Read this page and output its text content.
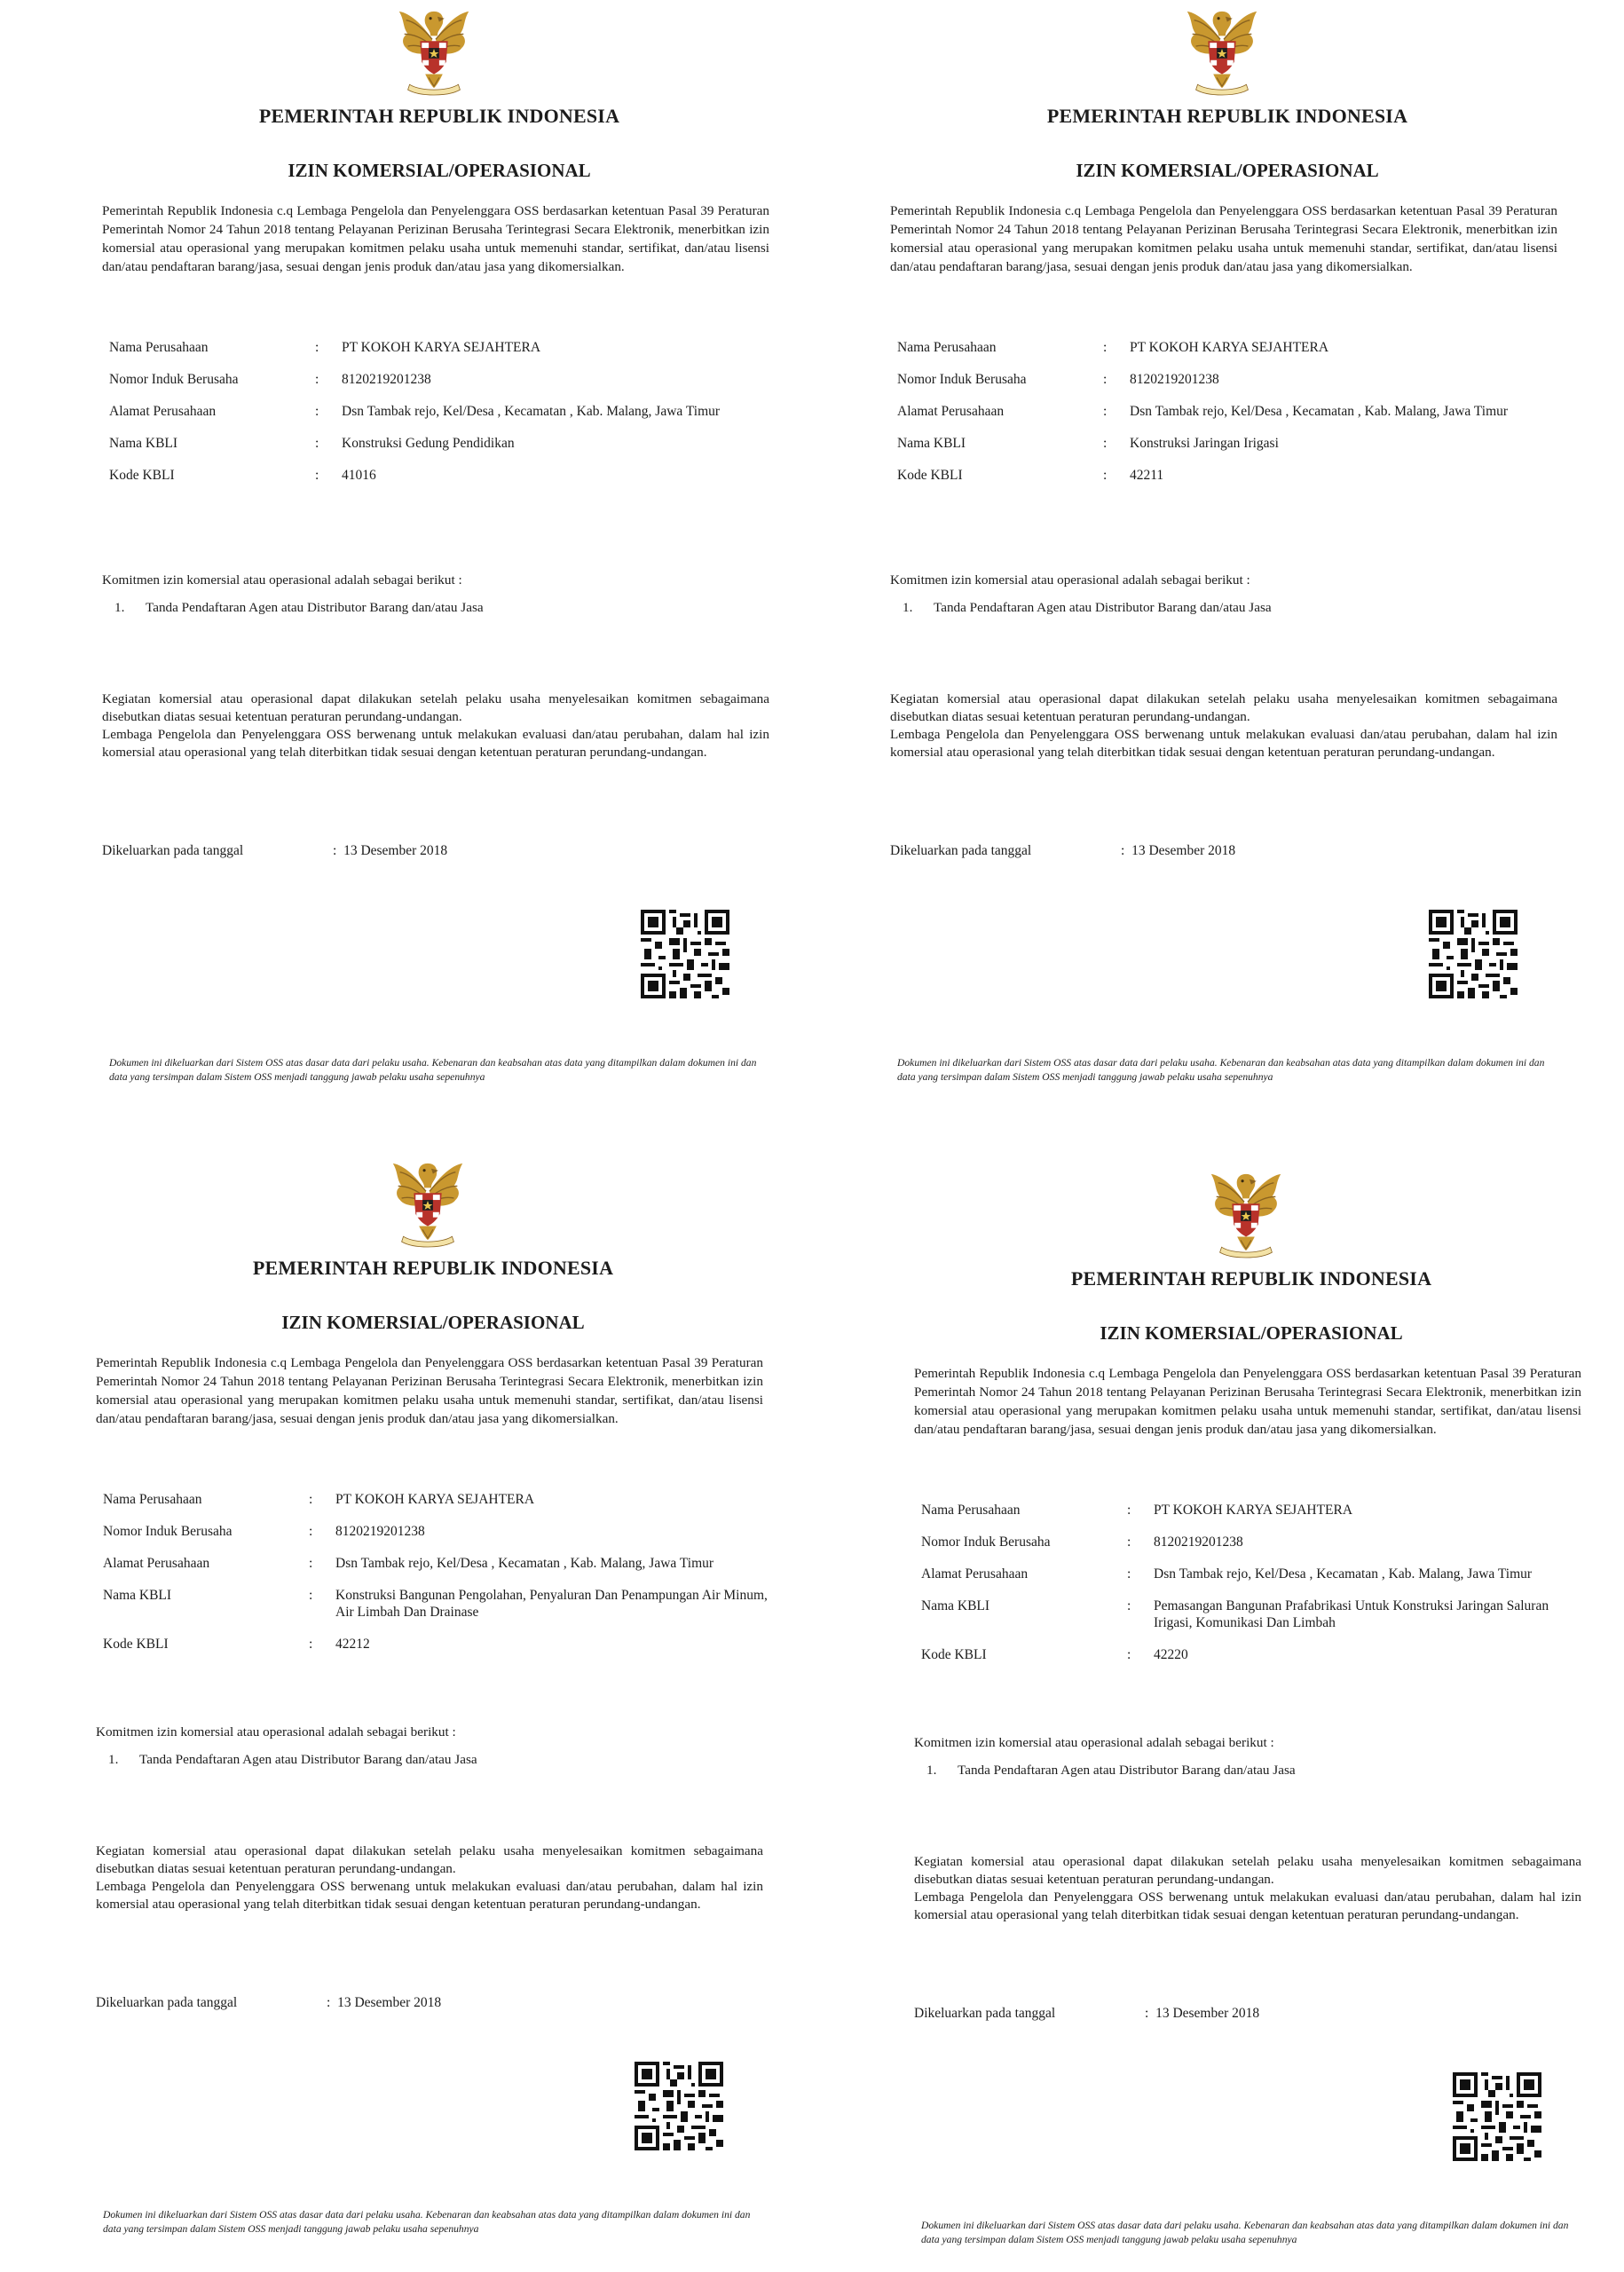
PEMERINTAH REPUBLIK INDONESIA
IZIN KOMERSIAL/OPERASIONAL
Pemerintah Republik Indonesia c.q Lembaga Pengelola dan Penyelenggara OSS berdasarkan ketentuan Pasal 39 Peraturan Pemerintah Nomor 24 Tahun 2018 tentang Pelayanan Perizinan Berusaha Terintegrasi Secara Elektronik, menerbitkan izin komersial atau operasional yang merupakan komitmen pelaku usaha untuk memenuhi standar, sertifikat, dan/atau lisensi dan/atau pendaftaran barang/jasa, sesuai dengan jenis produk dan/atau jasa yang dikomersialkan.
Nama Perusahaan	:	PT KOKOH KARYA SEJAHTERA
Nomor Induk Berusaha	:	8120219201238
Alamat Perusahaan	:	Dsn Tambak rejo, Kel/Desa , Kecamatan , Kab. Malang, Jawa Timur
Nama KBLI	:	Konstruksi Gedung Pendidikan
Kode KBLI	:	41016
Komitmen izin komersial atau operasional adalah sebagai berikut :
1. Tanda Pendaftaran Agen atau Distributor Barang dan/atau Jasa

Kegiatan komersial atau operasional dapat dilakukan setelah pelaku usaha menyelesaikan komitmen sebagaimana disebutkan diatas sesuai ketentuan peraturan perundang-undangan.

Lembaga Pengelola dan Penyelenggara OSS berwenang untuk melakukan evaluasi dan/atau perubahan, dalam hal izin komersial atau operasional yang telah diterbitkan tidak sesuai dengan ketentuan peraturan perundang-undangan.

Dikeluarkan pada tanggal	: 13 Desember 2018
Dokumen ini dikeluarkan dari Sistem OSS atas dasar data dari pelaku usaha. Kebenaran dan keabsahan atas data yang ditampilkan dalam dokumen ini dan data yang tersimpan dalam Sistem OSS menjadi tanggung jawab pelaku usaha sepenuhnya
PEMERINTAH REPUBLIK INDONESIA
IZIN KOMERSIAL/OPERASIONAL
Pemerintah Republik Indonesia c.q Lembaga Pengelola dan Penyelenggara OSS berdasarkan ketentuan Pasal 39 Peraturan Pemerintah Nomor 24 Tahun 2018 tentang Pelayanan Perizinan Berusaha Terintegrasi Secara Elektronik, menerbitkan izin komersial atau operasional yang merupakan komitmen pelaku usaha untuk memenuhi standar, sertifikat, dan/atau lisensi dan/atau pendaftaran barang/jasa, sesuai dengan jenis produk dan/atau jasa yang dikomersialkan.
Nama Perusahaan	:	PT KOKOH KARYA SEJAHTERA
Nomor Induk Berusaha	:	8120219201238
Alamat Perusahaan	:	Dsn Tambak rejo, Kel/Desa , Kecamatan , Kab. Malang, Jawa Timur
Nama KBLI	:	Konstruksi Jaringan Irigasi
Kode KBLI	:	42211
Komitmen izin komersial atau operasional adalah sebagai berikut :
1. Tanda Pendaftaran Agen atau Distributor Barang dan/atau Jasa

Kegiatan komersial atau operasional dapat dilakukan setelah pelaku usaha menyelesaikan komitmen sebagaimana disebutkan diatas sesuai ketentuan peraturan perundang-undangan.

Lembaga Pengelola dan Penyelenggara OSS berwenang untuk melakukan evaluasi dan/atau perubahan, dalam hal izin komersial atau operasional yang telah diterbitkan tidak sesuai dengan ketentuan peraturan perundang-undangan.

Dikeluarkan pada tanggal	: 13 Desember 2018
Dokumen ini dikeluarkan dari Sistem OSS atas dasar data dari pelaku usaha. Kebenaran dan keabsahan atas data yang ditampilkan dalam dokumen ini dan data yang tersimpan dalam Sistem OSS menjadi tanggung jawab pelaku usaha sepenuhnya
PEMERINTAH REPUBLIK INDONESIA
IZIN KOMERSIAL/OPERASIONAL
Pemerintah Republik Indonesia c.q Lembaga Pengelola dan Penyelenggara OSS berdasarkan ketentuan Pasal 39 Peraturan Pemerintah Nomor 24 Tahun 2018 tentang Pelayanan Perizinan Berusaha Terintegrasi Secara Elektronik, menerbitkan izin komersial atau operasional yang merupakan komitmen pelaku usaha untuk memenuhi standar, sertifikat, dan/atau lisensi dan/atau pendaftaran barang/jasa, sesuai dengan jenis produk dan/atau jasa yang dikomersialkan.
Nama Perusahaan	:	PT KOKOH KARYA SEJAHTERA
Nomor Induk Berusaha	:	8120219201238
Alamat Perusahaan	:	Dsn Tambak rejo, Kel/Desa , Kecamatan , Kab. Malang, Jawa Timur
Nama KBLI	:	Konstruksi Bangunan Pengolahan, Penyaluran Dan Penampungan Air Minum, Air Limbah Dan Drainase
Kode KBLI	:	42212
Komitmen izin komersial atau operasional adalah sebagai berikut :
1. Tanda Pendaftaran Agen atau Distributor Barang dan/atau Jasa

Kegiatan komersial atau operasional dapat dilakukan setelah pelaku usaha menyelesaikan komitmen sebagaimana disebutkan diatas sesuai ketentuan peraturan perundang-undangan.

Lembaga Pengelola dan Penyelenggara OSS berwenang untuk melakukan evaluasi dan/atau perubahan, dalam hal izin komersial atau operasional yang telah diterbitkan tidak sesuai dengan ketentuan peraturan perundang-undangan.

Dikeluarkan pada tanggal	: 13 Desember 2018
Dokumen ini dikeluarkan dari Sistem OSS atas dasar data dari pelaku usaha. Kebenaran dan keabsahan atas data yang ditampilkan dalam dokumen ini dan data yang tersimpan dalam Sistem OSS menjadi tanggung jawab pelaku usaha sepenuhnya
PEMERINTAH REPUBLIK INDONESIA
IZIN KOMERSIAL/OPERASIONAL
Pemerintah Republik Indonesia c.q Lembaga Pengelola dan Penyelenggara OSS berdasarkan ketentuan Pasal 39 Peraturan Pemerintah Nomor 24 Tahun 2018 tentang Pelayanan Perizinan Berusaha Terintegrasi Secara Elektronik, menerbitkan izin komersial atau operasional yang merupakan komitmen pelaku usaha untuk memenuhi standar, sertifikat, dan/atau lisensi dan/atau pendaftaran barang/jasa, sesuai dengan jenis produk dan/atau jasa yang dikomersialkan.
Nama Perusahaan	:	PT KOKOH KARYA SEJAHTERA
Nomor Induk Berusaha	:	8120219201238
Alamat Perusahaan	:	Dsn Tambak rejo, Kel/Desa , Kecamatan , Kab. Malang, Jawa Timur
Nama KBLI	:	Pemasangan Bangunan Prafabrikasi Untuk Konstruksi Jaringan Saluran Irigasi, Komunikasi Dan Limbah
Kode KBLI	:	42220
Komitmen izin komersial atau operasional adalah sebagai berikut :
1. Tanda Pendaftaran Agen atau Distributor Barang dan/atau Jasa

Kegiatan komersial atau operasional dapat dilakukan setelah pelaku usaha menyelesaikan komitmen sebagaimana disebutkan diatas sesuai ketentuan peraturan perundang-undangan.

Lembaga Pengelola dan Penyelenggara OSS berwenang untuk melakukan evaluasi dan/atau perubahan, dalam hal izin komersial atau operasional yang telah diterbitkan tidak sesuai dengan ketentuan peraturan perundang-undangan.

Dikeluarkan pada tanggal	: 13 Desember 2018
Dokumen ini dikeluarkan dari Sistem OSS atas dasar data dari pelaku usaha. Kebenaran dan keabsahan atas data yang ditampilkan dalam dokumen ini dan data yang tersimpan dalam Sistem OSS menjadi tanggung jawab pelaku usaha sepenuhnya
